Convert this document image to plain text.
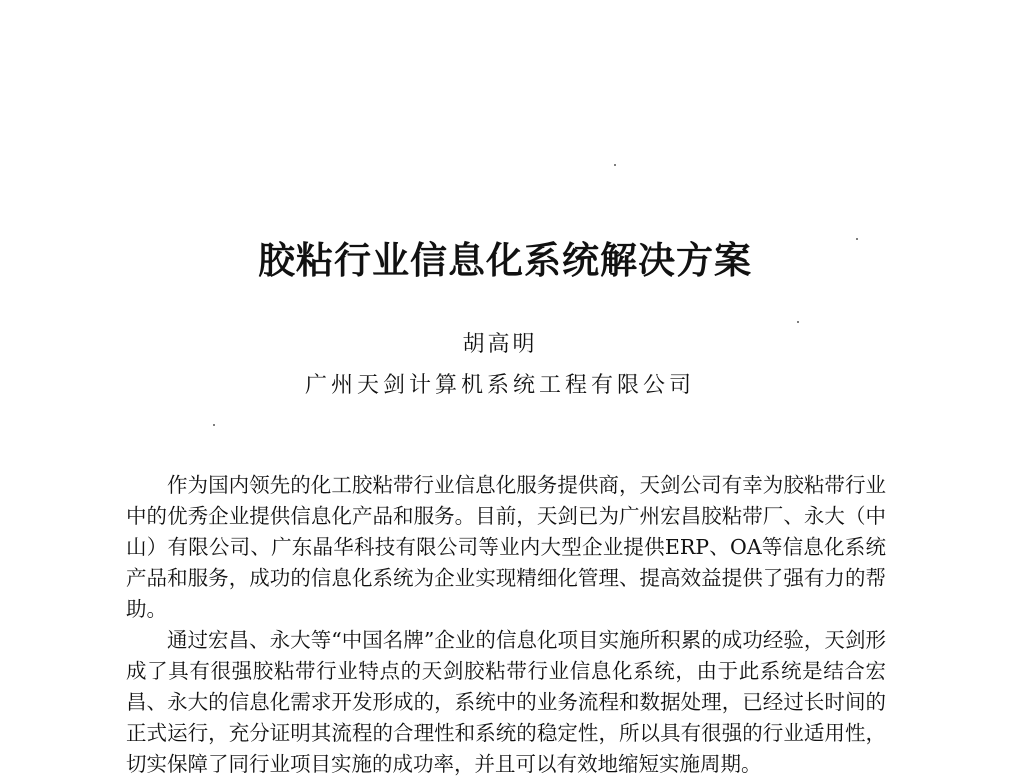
胶粘行业信息化系统解决方案
胡高明
广州天剑计算机系统工程有限公司

作为国内领先的化工胶粘带行业信息化服务提供商，天剑公司有幸为胶粘带行业中的优秀企业提供信息化产品和服务。目前，天剑已为广州宏昌胶粘带厂、永大（中山）有限公司、广东晶华科技有限公司等业内大型企业提供ERP、OA等信息化系统产品和服务，成功的信息化系统为企业实现精细化管理、提高效益提供了强有力的帮助。

通过宏昌、永大等“中国名牌”企业的信息化项目实施所积累的成功经验，天剑形成了具有很强胶粘带行业特点的天剑胶粘带行业信息化系统，由于此系统是结合宏昌、永大的信息化需求开发形成的，系统中的业务流程和数据处理，已经过长时间的正式运行，充分证明其流程的合理性和系统的稳定性，所以具有很强的行业适用性，切实保障了同行业项目实施的成功率，并且可以有效地缩短实施周期。
